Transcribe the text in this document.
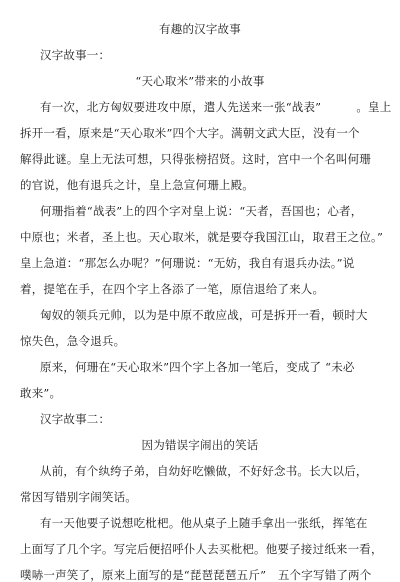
有趣的汉字故事
汉字故事一：
“天心取米”带来的小故事
有一次，北方匈奴要进攻中原，遣人先送来一张“战表”　　　。皇上
拆开一看，原来是“天心取米”四个大字。满朝文武大臣，没有一个
解得此谜。皇上无法可想，只得张榜招贤。这时，宫中一个名叫何珊
的官说，他有退兵之计，皇上急宣何珊上殿。
何珊指着“战表”上的四个字对皇上说：“天者，吾国也；心者，
中原也；米者，圣上也。天心取米，就是要夺我国江山，取君王之位。”
皇上急道：“那怎么办呢？”何珊说：“无妨，我自有退兵办法。”说
着，提笔在手，在四个字上各添了一笔，原信退给了来人。
匈奴的领兵元帅，以为是中原不敢应战，可是拆开一看，顿时大
惊失色，急令退兵。
原来，何珊在“天心取米”四个字上各加一笔后，变成了 “未必
敢来”。
汉字故事二：
因为错误字闹出的笑话
从前，有个纨绔子弟，自幼好吃懒做，不好好念书。长大以后，
常因写错别字闹笑话。
有一天他要子说想吃枇杷。他从桌子上随手拿出一张纸，挥笔在
上面写了几个字。写完后便招呼仆人去买枇杷。他要子接过纸来一看，
噗哧一声笑了，原来上面写的是“琵琶琵琶五斤”　五个字写错了两个
